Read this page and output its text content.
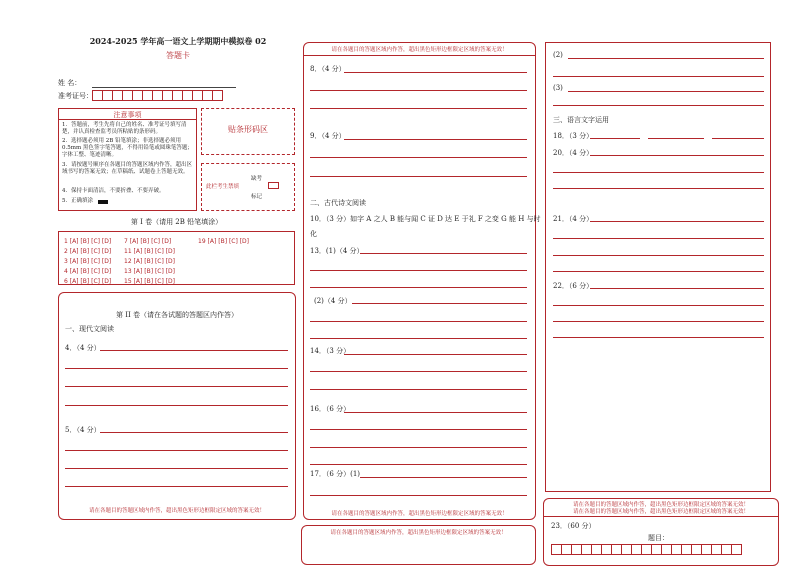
2024-2025 学年高一语文上学期期中模拟卷 02
答题卡
姓 名：
准考证号：
注意事项
1．答题前，考生先将自己的姓名、准考证号填写清楚，并认真检查监考员所粘贴的条形码。
2．选择题必须用 2B 铅笔填涂；非选择题必须用 0.5mm 黑色签字笔答题，不得用铅笔或圆珠笔答题；字体工整、笔迹清晰。
3．请按题号顺序在各题目的答题区域内作答，超出区域书写的答案无效；在草稿纸、试题卷上答题无效。
4．保持卡面清洁，不要折叠、不要弄破。
5．正确填涂
贴条形码区
此栏考生禁填
缺考
标记
第 I 卷（请用 2B 铅笔填涂）
1 [A] [B] [C] [D]
2 [A] [B] [C] [D]
3 [A] [B] [C] [D]
4 [A] [B] [C] [D]
6 [A] [B] [C] [D]
7 [A] [B] [C] [D]
11 [A] [B] [C] [D]
12 [A] [B] [C] [D]
13 [A] [B] [C] [D]
15 [A] [B] [C] [D]
19 [A] [B] [C] [D]
第 II 卷（请在各试题的答题区内作答）
一、现代文阅读
4．（4 分）
5．（4 分）
请在各题目的答题区域内作答，超出黑色矩形边框限定区域的答案无效！
请在各题目的答题区域内作答，超出黑色矩形边框限定区域的答案无效！
8．（4 分）
9．（4 分）
二、古代诗文阅读
10．（3 分）如字 A 之人 B 能与闻 C 证 D 达 E 于礼 F 之变 G 能 H 与时
化
13．(1)（4 分）
(2)（4 分）
14．（3 分）
16．（6 分）
17．（6 分）(1)
请在各题目的答题区域内作答，超出黑色矩形边框限定区域的答案无效！
请在各题目的答题区域内作答，超出黑色矩形边框限定区域的答案无效！
(2)
(3)
三、语言文字运用
18．（3 分）
20．（4 分）
21．（4 分）
22．（6 分）
请在各题目的答题区域内作答，超出黑色矩形边框限定区域的答案无效！
请在各题目的答题区域内作答，超出黑色矩形边框限定区域的答案无效！
23．（60 分）
题目：
